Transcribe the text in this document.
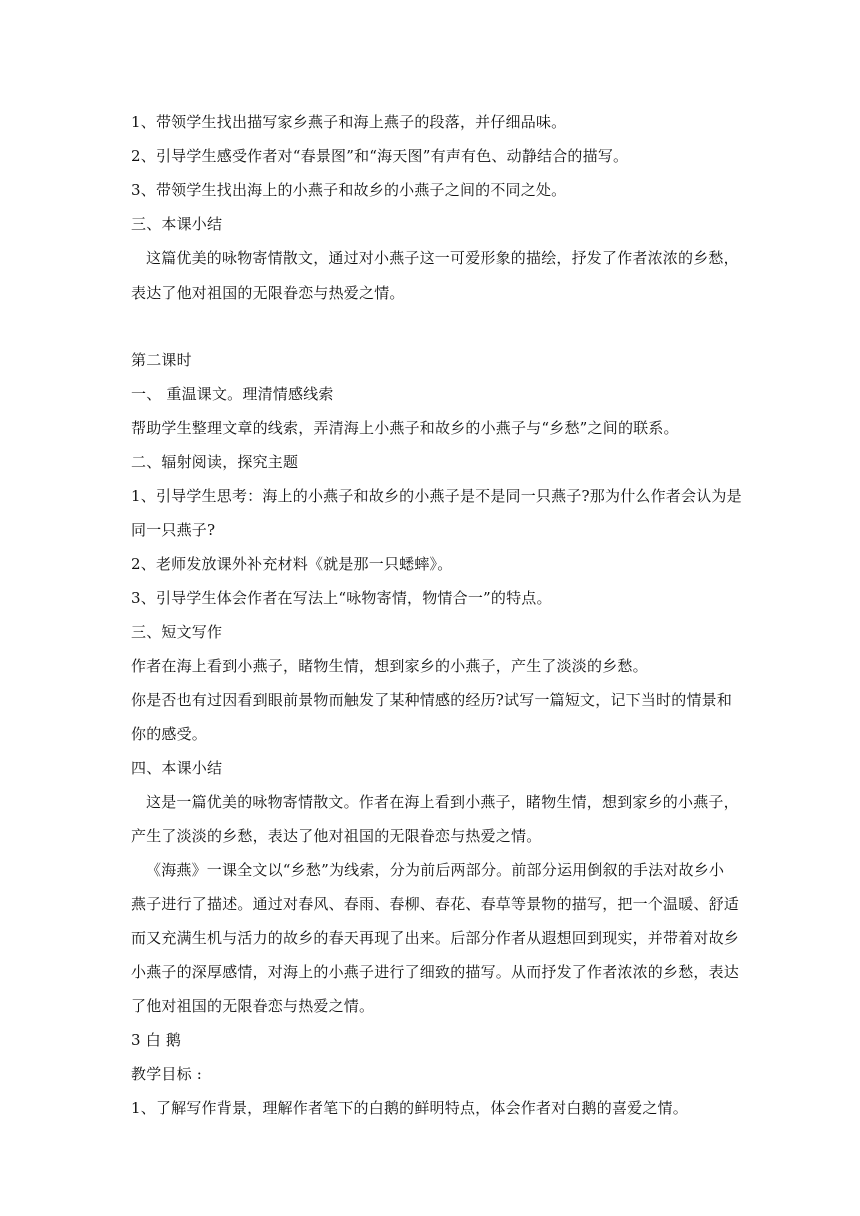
1、带领学生找出描写家乡燕子和海上燕子的段落，并仔细品味。
2、引导学生感受作者对“春景图”和“海天图”有声有色、动静结合的描写。
3、带领学生找出海上的小燕子和故乡的小燕子之间的不同之处。
三、本课小结
这篇优美的咏物寄情散文，通过对小燕子这一可爱形象的描绘，抒发了作者浓浓的乡愁，
表达了他对祖国的无限眷恋与热爱之情。
第二课时
一、 重温课文。理清情感线索
帮助学生整理文章的线索，弄清海上小燕子和故乡的小燕子与“乡愁”之间的联系。
二、辐射阅读，探究主题
1、引导学生思考：海上的小燕子和故乡的小燕子是不是同一只燕子?那为什么作者会认为是
同一只燕子?
2、老师发放课外补充材料《就是那一只蟋蟀》。
3、引导学生体会作者在写法上“咏物寄情，物情合一”的特点。
三、短文写作
作者在海上看到小燕子，睹物生情，想到家乡的小燕子，产生了淡淡的乡愁。
你是否也有过因看到眼前景物而触发了某种情感的经历?试写一篇短文，记下当时的情景和
你的感受。
四、本课小结
这是一篇优美的咏物寄情散文。作者在海上看到小燕子，睹物生情，想到家乡的小燕子，
产生了淡淡的乡愁，表达了他对祖国的无限眷恋与热爱之情。
《海燕》一课全文以“乡愁”为线索，分为前后两部分。前部分运用倒叙的手法对故乡小
燕子进行了描述。通过对春风、春雨、春柳、春花、春草等景物的描写，把一个温暖、舒适
而又充满生机与活力的故乡的春天再现了出来。后部分作者从遐想回到现实，并带着对故乡
小燕子的深厚感情，对海上的小燕子进行了细致的描写。从而抒发了作者浓浓的乡愁，表达
了他对祖国的无限眷恋与热爱之情。
3 白 鹅
教学目标 :
1、了解写作背景，理解作者笔下的白鹅的鲜明特点，体会作者对白鹅的喜爱之情。
